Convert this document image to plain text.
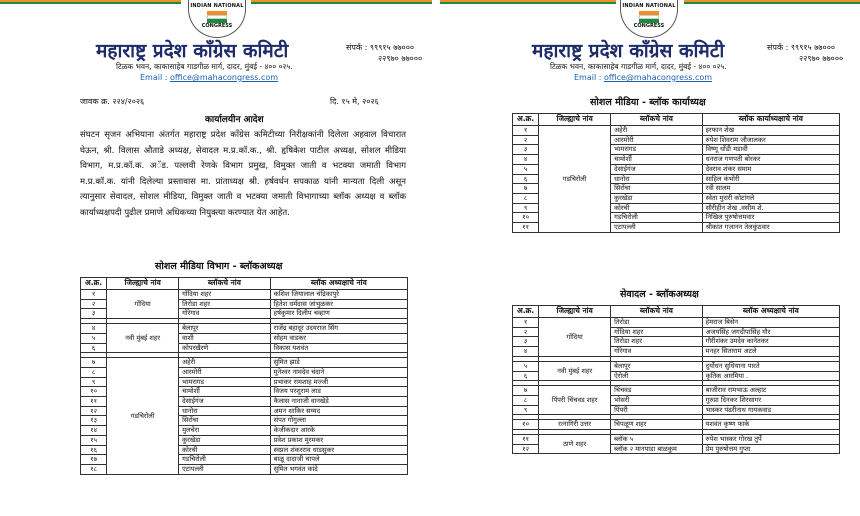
INDIAN NATIONAL
CONGRESS
महाराष्ट्र प्रदेश काँग्रेस कमिटी	संपर्क : ९९९१५ ७७०००
२२९७० ७७०००
टिळक भवन, काकासाहेब गाडगीळ मार्ग, दादर, मुंबई - ४०० ०२५.
Email : office@mahacongress.com
जावक क्र. २२४/२०२६	दि. १५ मे, २०२६
कार्यालयीन आदेश
संघटन सृजन अभियाना अंतर्गत महाराष्ट्र प्रदेश काँग्रेस कमिटीच्या निरीक्षकांनी दिलेला अहवाल विचारात घेऊन, श्री. विलास औताडे अध्यक्ष, सेवादल म.प्र.कॉ.क., श्री. हृषिकेश पाटील अध्यक्ष, सोशल मीडिया विभाग, म.प्र.कॉ.क. अॅड. पल्लवी रेणके विभाग प्रमुख, विमुक्त जाती व भटक्या जमाती विभाग म.प्र.कॉ.क. यांनी दिलेल्या प्रस्तावास मा. प्रांताध्यक्ष श्री. हर्षवर्धन सपकाळ यांनी मान्यता दिली असून त्यानुसार सेवादल, सोशल मीडिया, विमुक्त जाती व भटक्या जमाती विभागाच्या ब्लॉक अध्यक्ष व ब्लॉक कार्याध्यक्षपदी पुढील प्रमाणे अधिकच्या नियुक्त्या करण्यात येत आहेत.
सोशल मीडिया विभाग - ब्लॉकअध्यक्ष
अ.क्र.	जिल्ह्याचे नांव	ब्लॉकचे नांव	ब्लॉक अध्यक्षाचे नांव
१	गोंदिया	गोंदिया शहर	कशिश जियालाल चंद्रिकापुरे
२		तिरोडा शहर	हितेश धर्मदास जांभुळकर
३		गोरेगाव	हर्षकुमार दिलीप चव्हाण

४	नवी मुंबई शहर	बेलापूर	राजेंद्र बहादूर उदयराज सिंग
५		वाशी	सोहम वाडकर
६		कोपरखैरणे	विकास यशवंत

७	गडचिरोली	अहेरी	सुमित झाडे
८		आरमोरी	मुनेश्वर नामदेव चंदाने
९		भामरागड	प्रभाकर रामशाह मज्जी
१०		चामोर्शी	विजय परशुराम लाड
११		देसाईगंज	कैलास नानाजी वानखेडे
१२		धानोरा	अमन शाकिर सय्यद
१३		सिरोंचा	संपत गोगुल्ला
१४		मुलचेरा	केजीकदार आरके
१५		कुरखेडा	प्रवेश प्रकाश मुरमकर
१६		कोरची	स्वप्नल शंकरराव धाडसुकर
१७		गडचिरोली	बाळू दादाजी चापले
१८		एटापल्ली	सुमित भगवंत कांदे
INDIAN NATIONAL
CONGRESS
महाराष्ट्र प्रदेश काँग्रेस कमिटी	संपर्क : ९९९१५ ७७०००
२२९७० ७७०००
टिळक भवन, काकासाहेब गाडगीळ मार्ग, दादर, मुंबई - ४०० ०२५.
Email : office@mahacongress.com
सोशल मीडिया - ब्लॉक कार्याध्यक्ष
अ.क्र.	जिल्ह्याचे नांव	ब्लॉकचे नांव	ब्लॉक कार्याध्यक्षाचे नांव
१	गडचिरोली	अहेरी	इरफान शेख
२		आरमोरी	रुपेश शिवराम जौजालकर
३		भामरागड	विष्णू धोंडी मडावी
४		चामोर्शी	धनराज गणपती बोरकर
५		देसाईगंज	देवराव शंकर समाम
६		धानोरा	साहिल कंभोरी
७		सिरोंचा	रवी सालम
८		कुरखेडा	स्वेता मुरारी कोटांगले
९		कोरची	सौरीहीन शेख .वसीम शे.
१०		गडचिरोली	निखिल पुरुषोत्तमवार
११		एटापल्ली	श्रीकांत गजानन तेलकुंठवार
सेवादल - ब्लॉकअध्यक्ष
अ.क्र.	जिल्ह्याचे नांव	ब्लॉकचे नांव	ब्लॉक अध्यक्षाचे नांव
१	गोंदिया	तिरोडा	हेमराज बिसेन
२		गोंदिया शहर	अजयसिंह जगदीपासिंह गौर
३		तिरोडा शहर	गौरीशंकर उमदेव कानेतकर
४		गोरेगाव	मनहर सिताराम अटले

५	नवी मुंबई शहर	बेलापूर	दुर्योधन सुधियाना पारते
६		ऐरोली	कृतिक आरमिया .

७	पिंपरी चिंचवड शहर	चिंचवड	बाजीराव रामभाऊ अल्हाट
८		भोसरी	गुरुप्रा दिनकर शिरसागर
९		पिंपरी	भास्कर पंढरीनाथ गायकवाड

१०	रत्नागिरी उत्तर	चिपळूण शहर	यशवंत कृष्ण फाके

११	ठाणे शहर	ब्लॉक ५	रुपेश भास्कर गोरख तुर्पे
१२		ब्लॉक २ मानपाडा बाळकुम	प्रेम पुरुषोत्तम गुप्ता
